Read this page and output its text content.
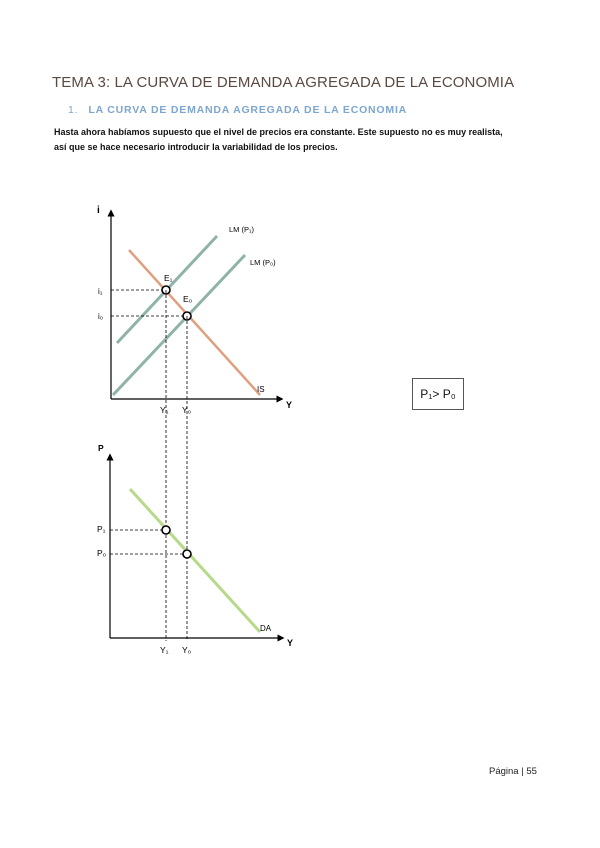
TEMA 3: LA CURVA DE DEMANDA AGREGADA DE LA ECONOMIA
1. LA CURVA DE DEMANDA AGREGADA DE LA ECONOMIA

Hasta ahora habíamos supuesto que el nivel de precios era constante. Este supuesto no es muy realista,

así que se hace necesario introducir la variabilidad de los precios.

i
Y
LM (P₁)
LM (P₀)
IS
i₁
i₀
E₁
E₀
Y₁ Y₀
P
Y
DA
P₁
P₀
Y₁ Y₀
P₁> P₀
Página | 55
